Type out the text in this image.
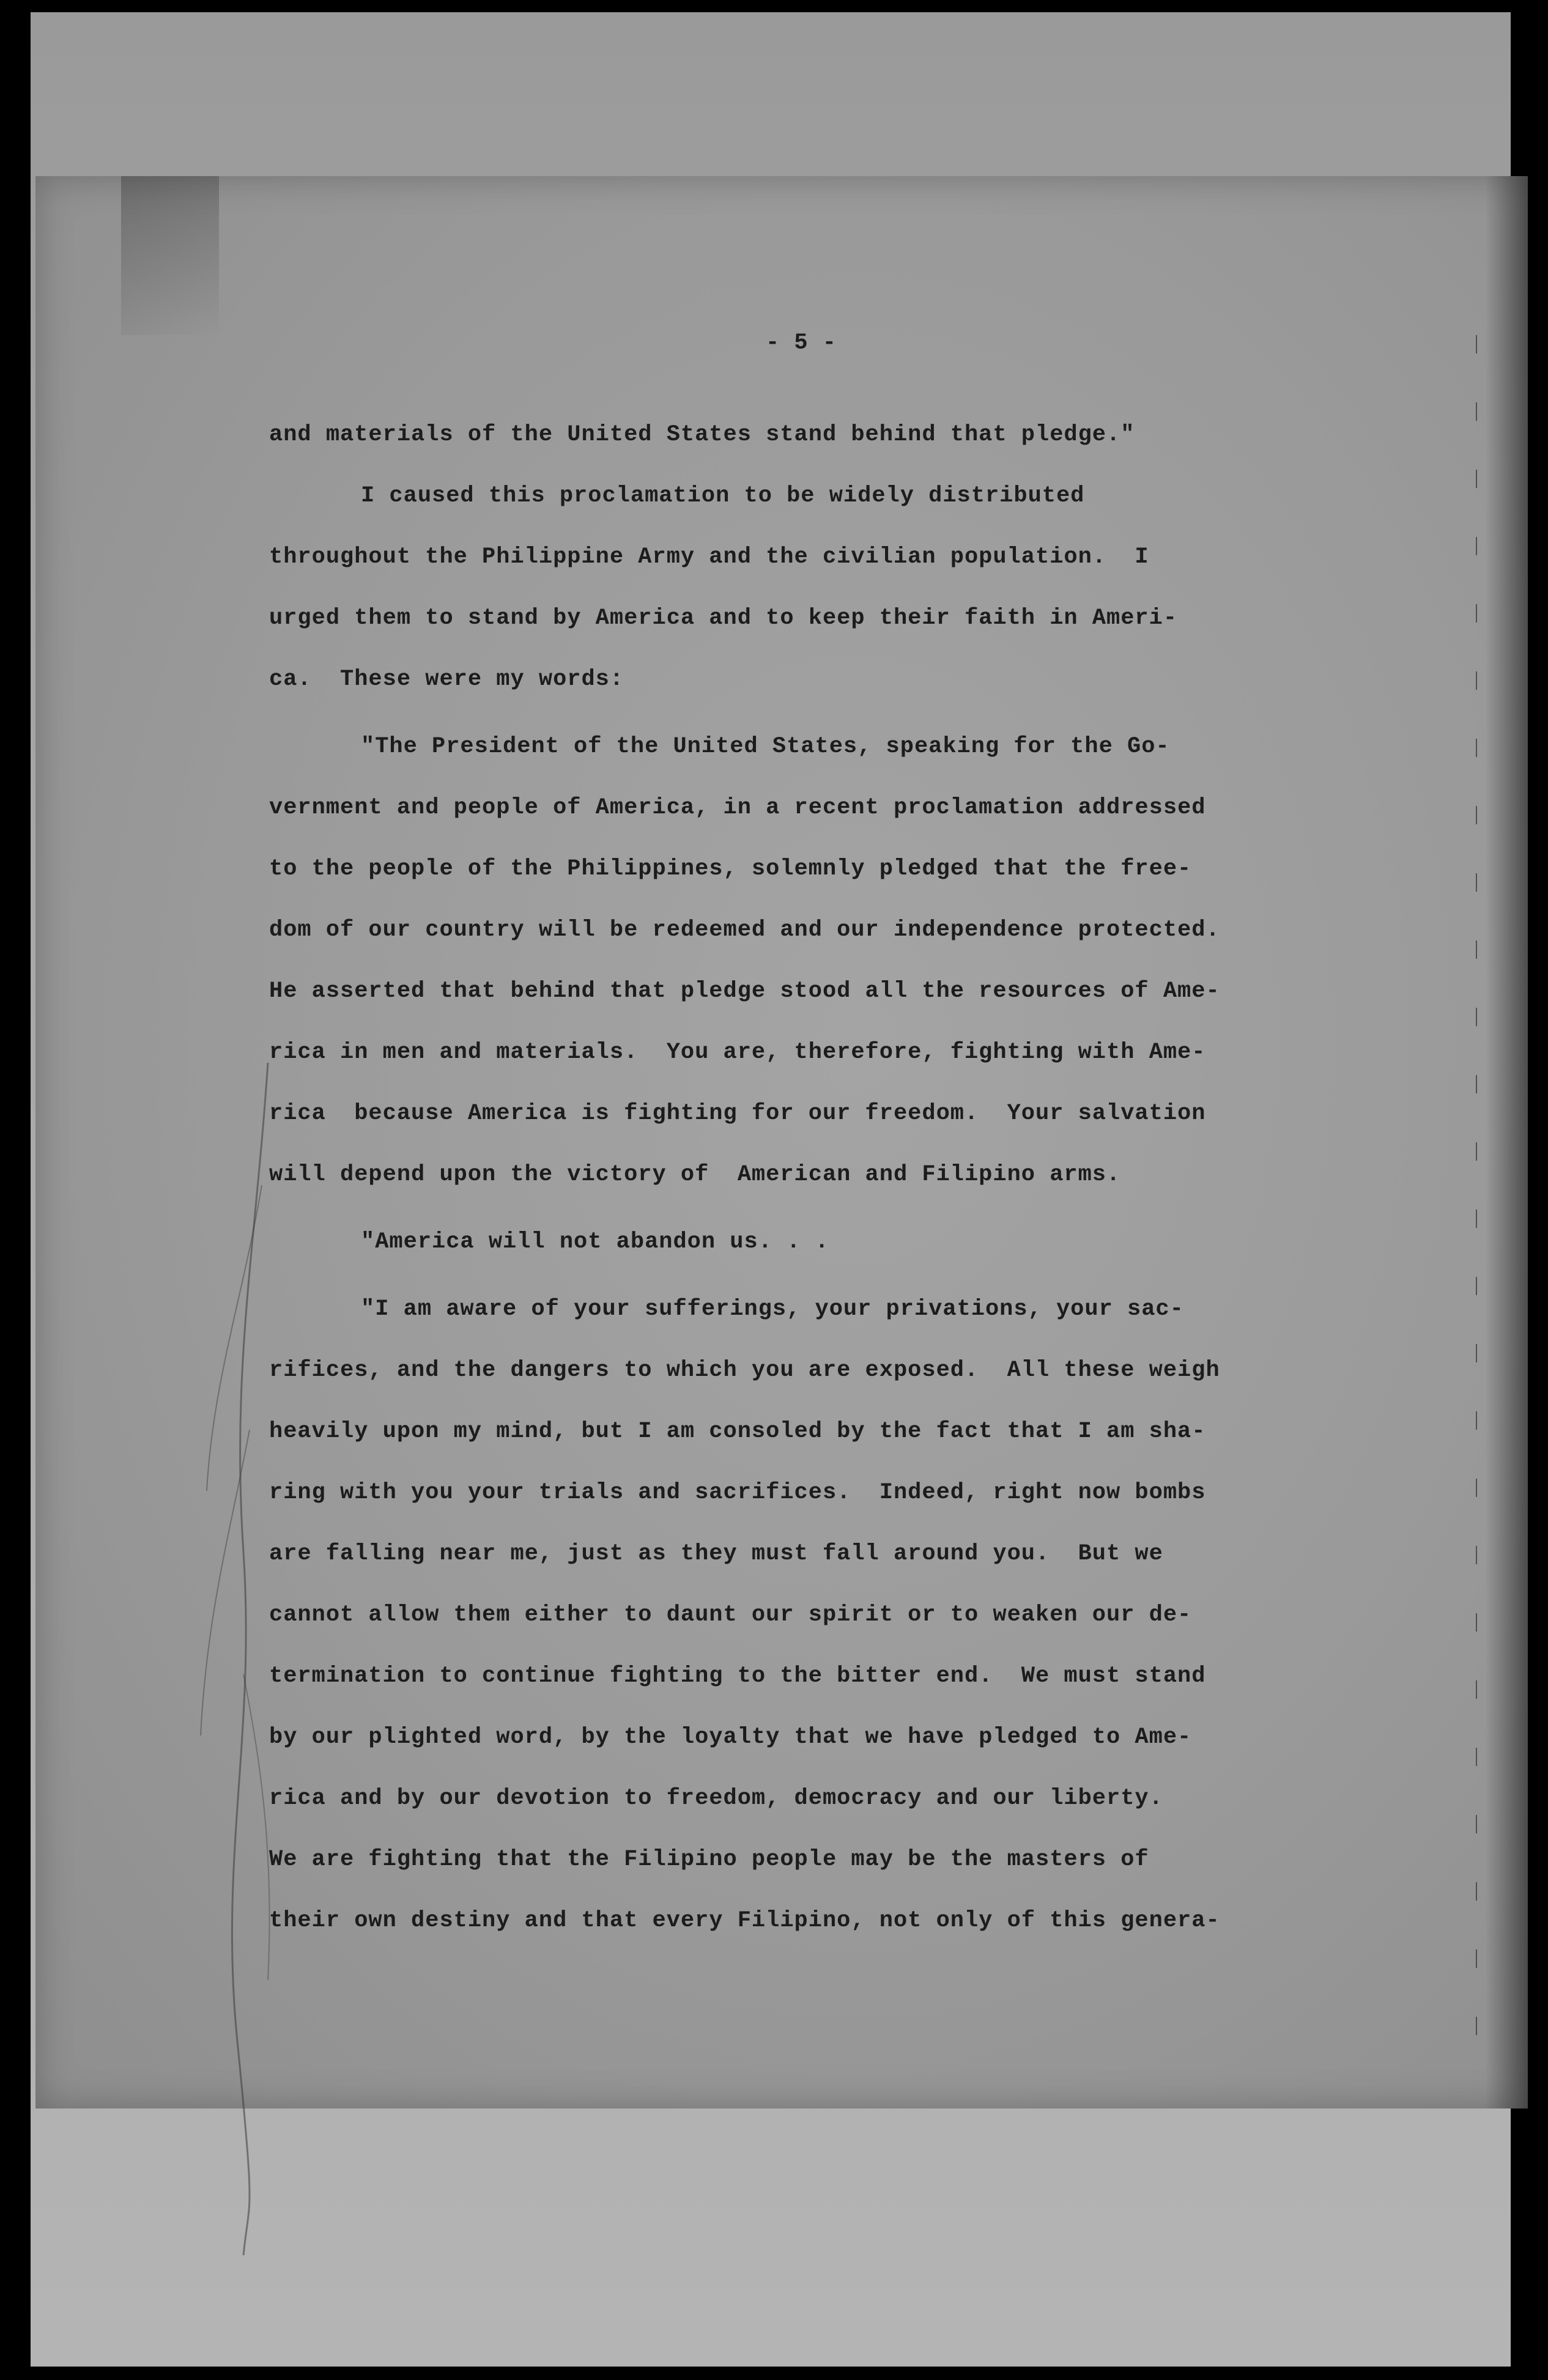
- 5 -
and materials of the United States stand behind that pledge."
I caused this proclamation to be widely distributed
throughout the Philippine Army and the civilian population.  I
urged them to stand by America and to keep their faith in Ameri-
ca.  These were my words:
"The President of the United States, speaking for the Go-
vernment and people of America, in a recent proclamation addressed
to the people of the Philippines, solemnly pledged that the free-
dom of our country will be redeemed and our independence protected.
He asserted that behind that pledge stood all the resources of Ame-
rica in men and materials.  You are, therefore, fighting with Ame-
rica  because America is fighting for our freedom.  Your salvation
will depend upon the victory of  American and Filipino arms.
"America will not abandon us. . .
"I am aware of your sufferings, your privations, your sac-
rifices, and the dangers to which you are exposed.  All these weigh
heavily upon my mind, but I am consoled by the fact that I am sha-
ring with you your trials and sacrifices.  Indeed, right now bombs
are falling near me, just as they must fall around you.  But we
cannot allow them either to daunt our spirit or to weaken our de-
termination to continue fighting to the bitter end.  We must stand
by our plighted word, by the loyalty that we have pledged to Ame-
rica and by our devotion to freedom, democracy and our liberty.
We are fighting that the Filipino people may be the masters of
their own destiny and that every Filipino, not only of this genera-
